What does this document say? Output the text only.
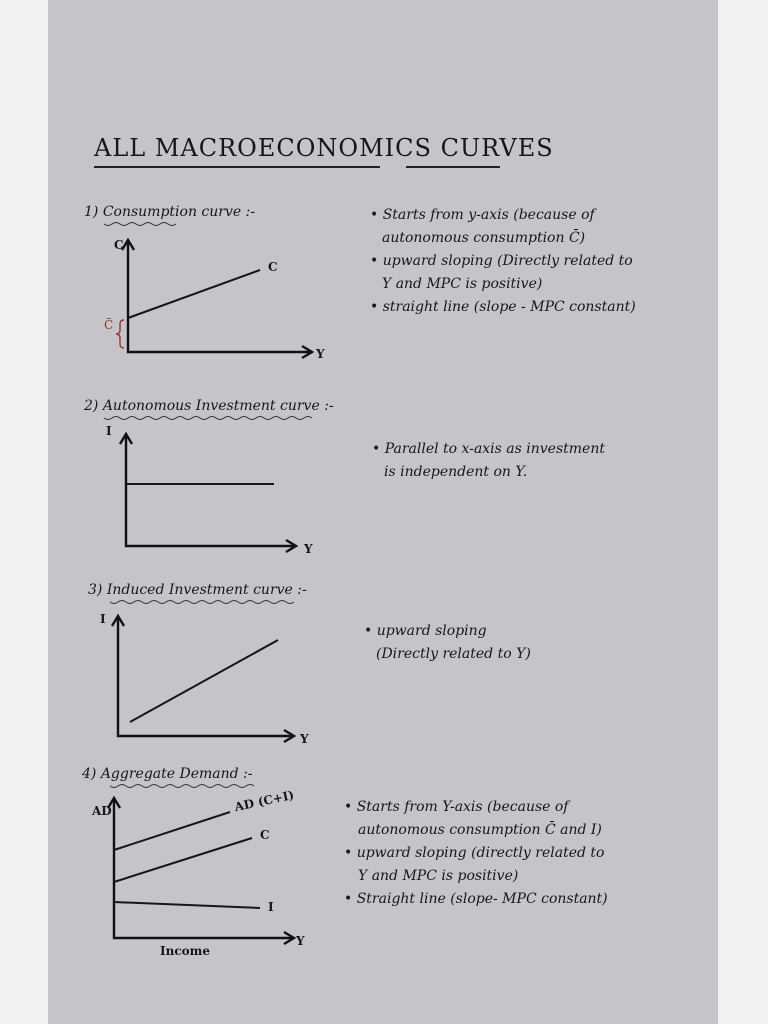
ALL MACROECONOMICS CURVES
1) Consumption curve :-
C
Y
C
C̄
• Starts from y-axis (because of
autonomous consumption C̄)
• upward sloping (Directly related to
Y and MPC is positive)
• straight line (slope - MPC constant)
2) Autonomous Investment curve :-
I
Y
• Parallel to x-axis as investment
is independent on Y.
3) Induced Investment curve :-
I
Y
• upward sloping
(Directly related to Y)
4) Aggregate Demand :-
AD
Y
Income
AD (C+I)
C
I
• Starts from Y-axis (because of
autonomous consumption C̄ and I)
• upward sloping (directly related to
Y and MPC is positive)
• Straight line (slope- MPC constant)
